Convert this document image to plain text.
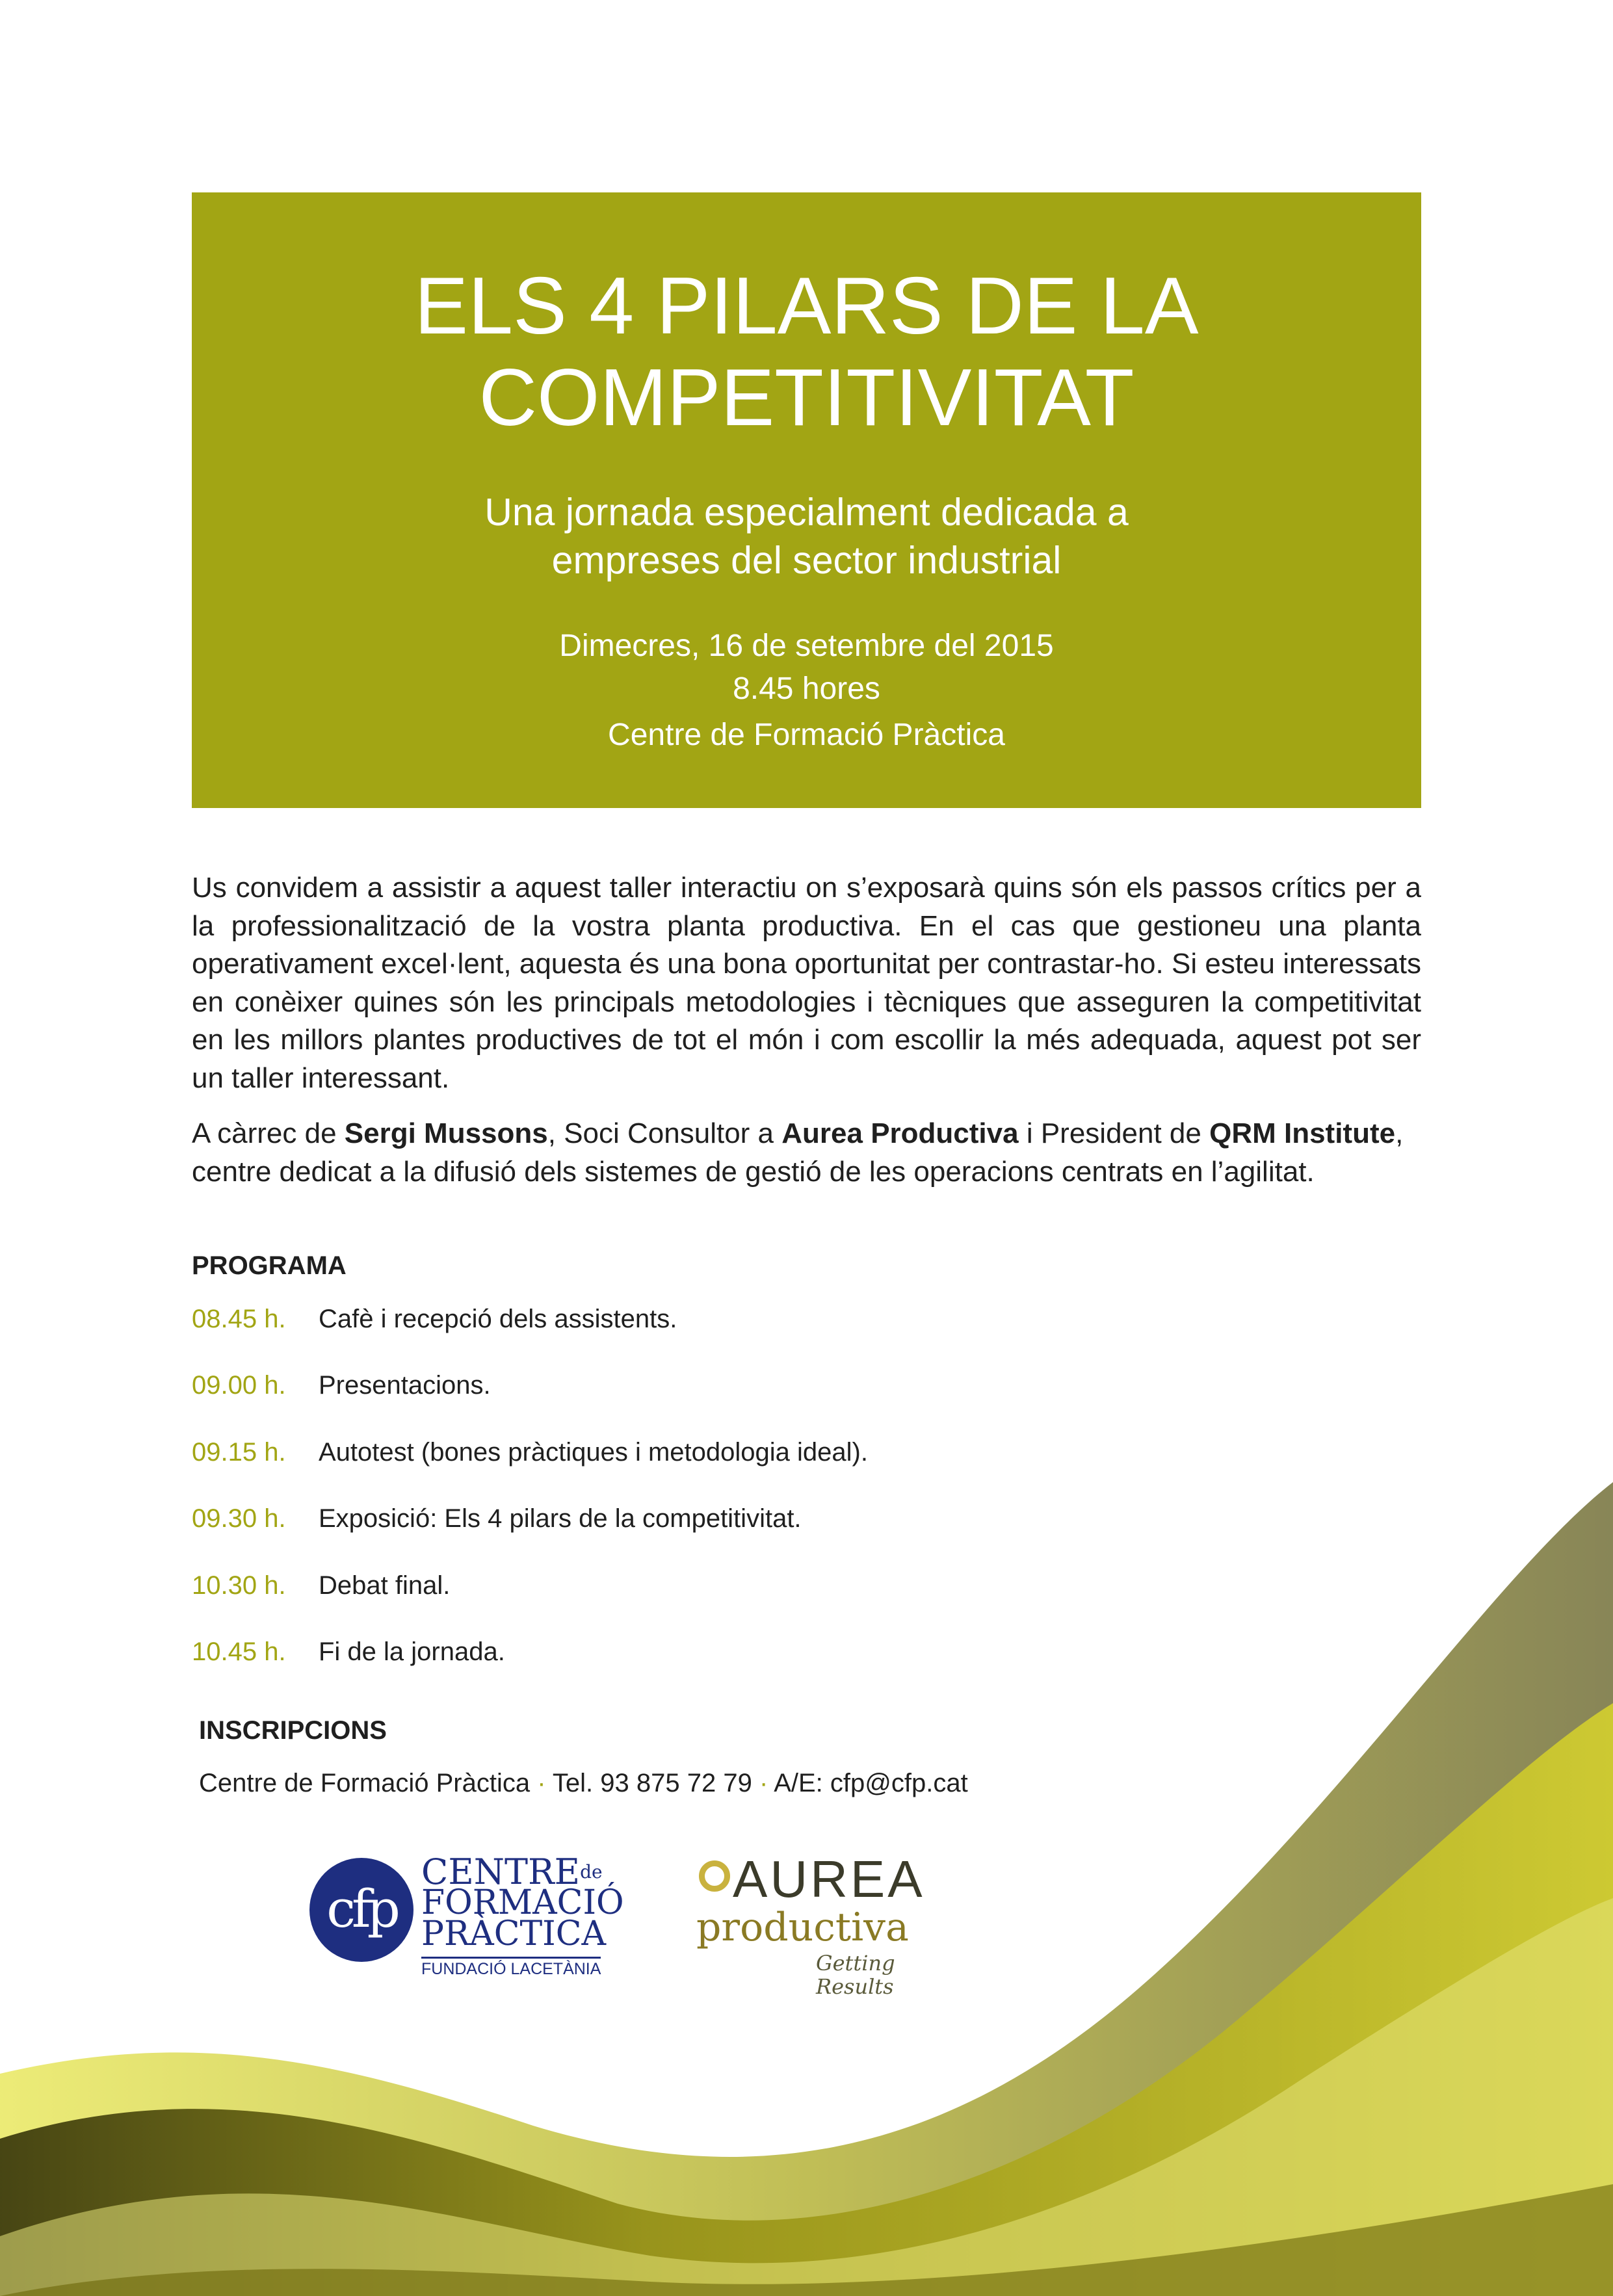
ELS 4 PILARS DE LA
COMPETITIVITAT
Una jornada especialment dedicada a
empreses del sector industrial
Dimecres, 16 de setembre del 2015
8.45 hores
Centre de Formació Pràctica

Us convidem a assistir a aquest taller interactiu on s’exposarà quins són els passos crítics per a la professionalització de la vostra planta productiva. En el cas que gestioneu una planta operativament excel·lent, aquesta és una bona oportunitat per contrastar-ho. Si esteu interessats en conèixer quines són les principals metodologies i tècniques que asseguren la competitivitat en les millors plantes productives de tot el món i com escollir la més adequada, aquest pot ser un taller interessant.

A càrrec de Sergi Mussons, Soci Consultor a Aurea Productiva i President de QRM Institute, centre dedicat a la difusió dels sistemes de gestió de les operacions centrats en l’agilitat.

PROGRAMA
08.45 h. Cafè i recepció dels assistents.
09.00 h. Presentacions.
09.15 h. Autotest (bones pràctiques i metodologia ideal).
09.30 h. Exposició: Els 4 pilars de la competitivitat.
10.30 h. Debat final.
10.45 h. Fi de la jornada.
INSCRIPCIONS
Centre de Formació Pràctica · Tel. 93 875 72 79 · A/E: cfp@cfp.cat
cfp
$CENTRE^{de}$
FORMACIÓ
PRÀCTICA
FUNDACIÓ LACETÀNIA
AUREA
productiva
Getting Results
